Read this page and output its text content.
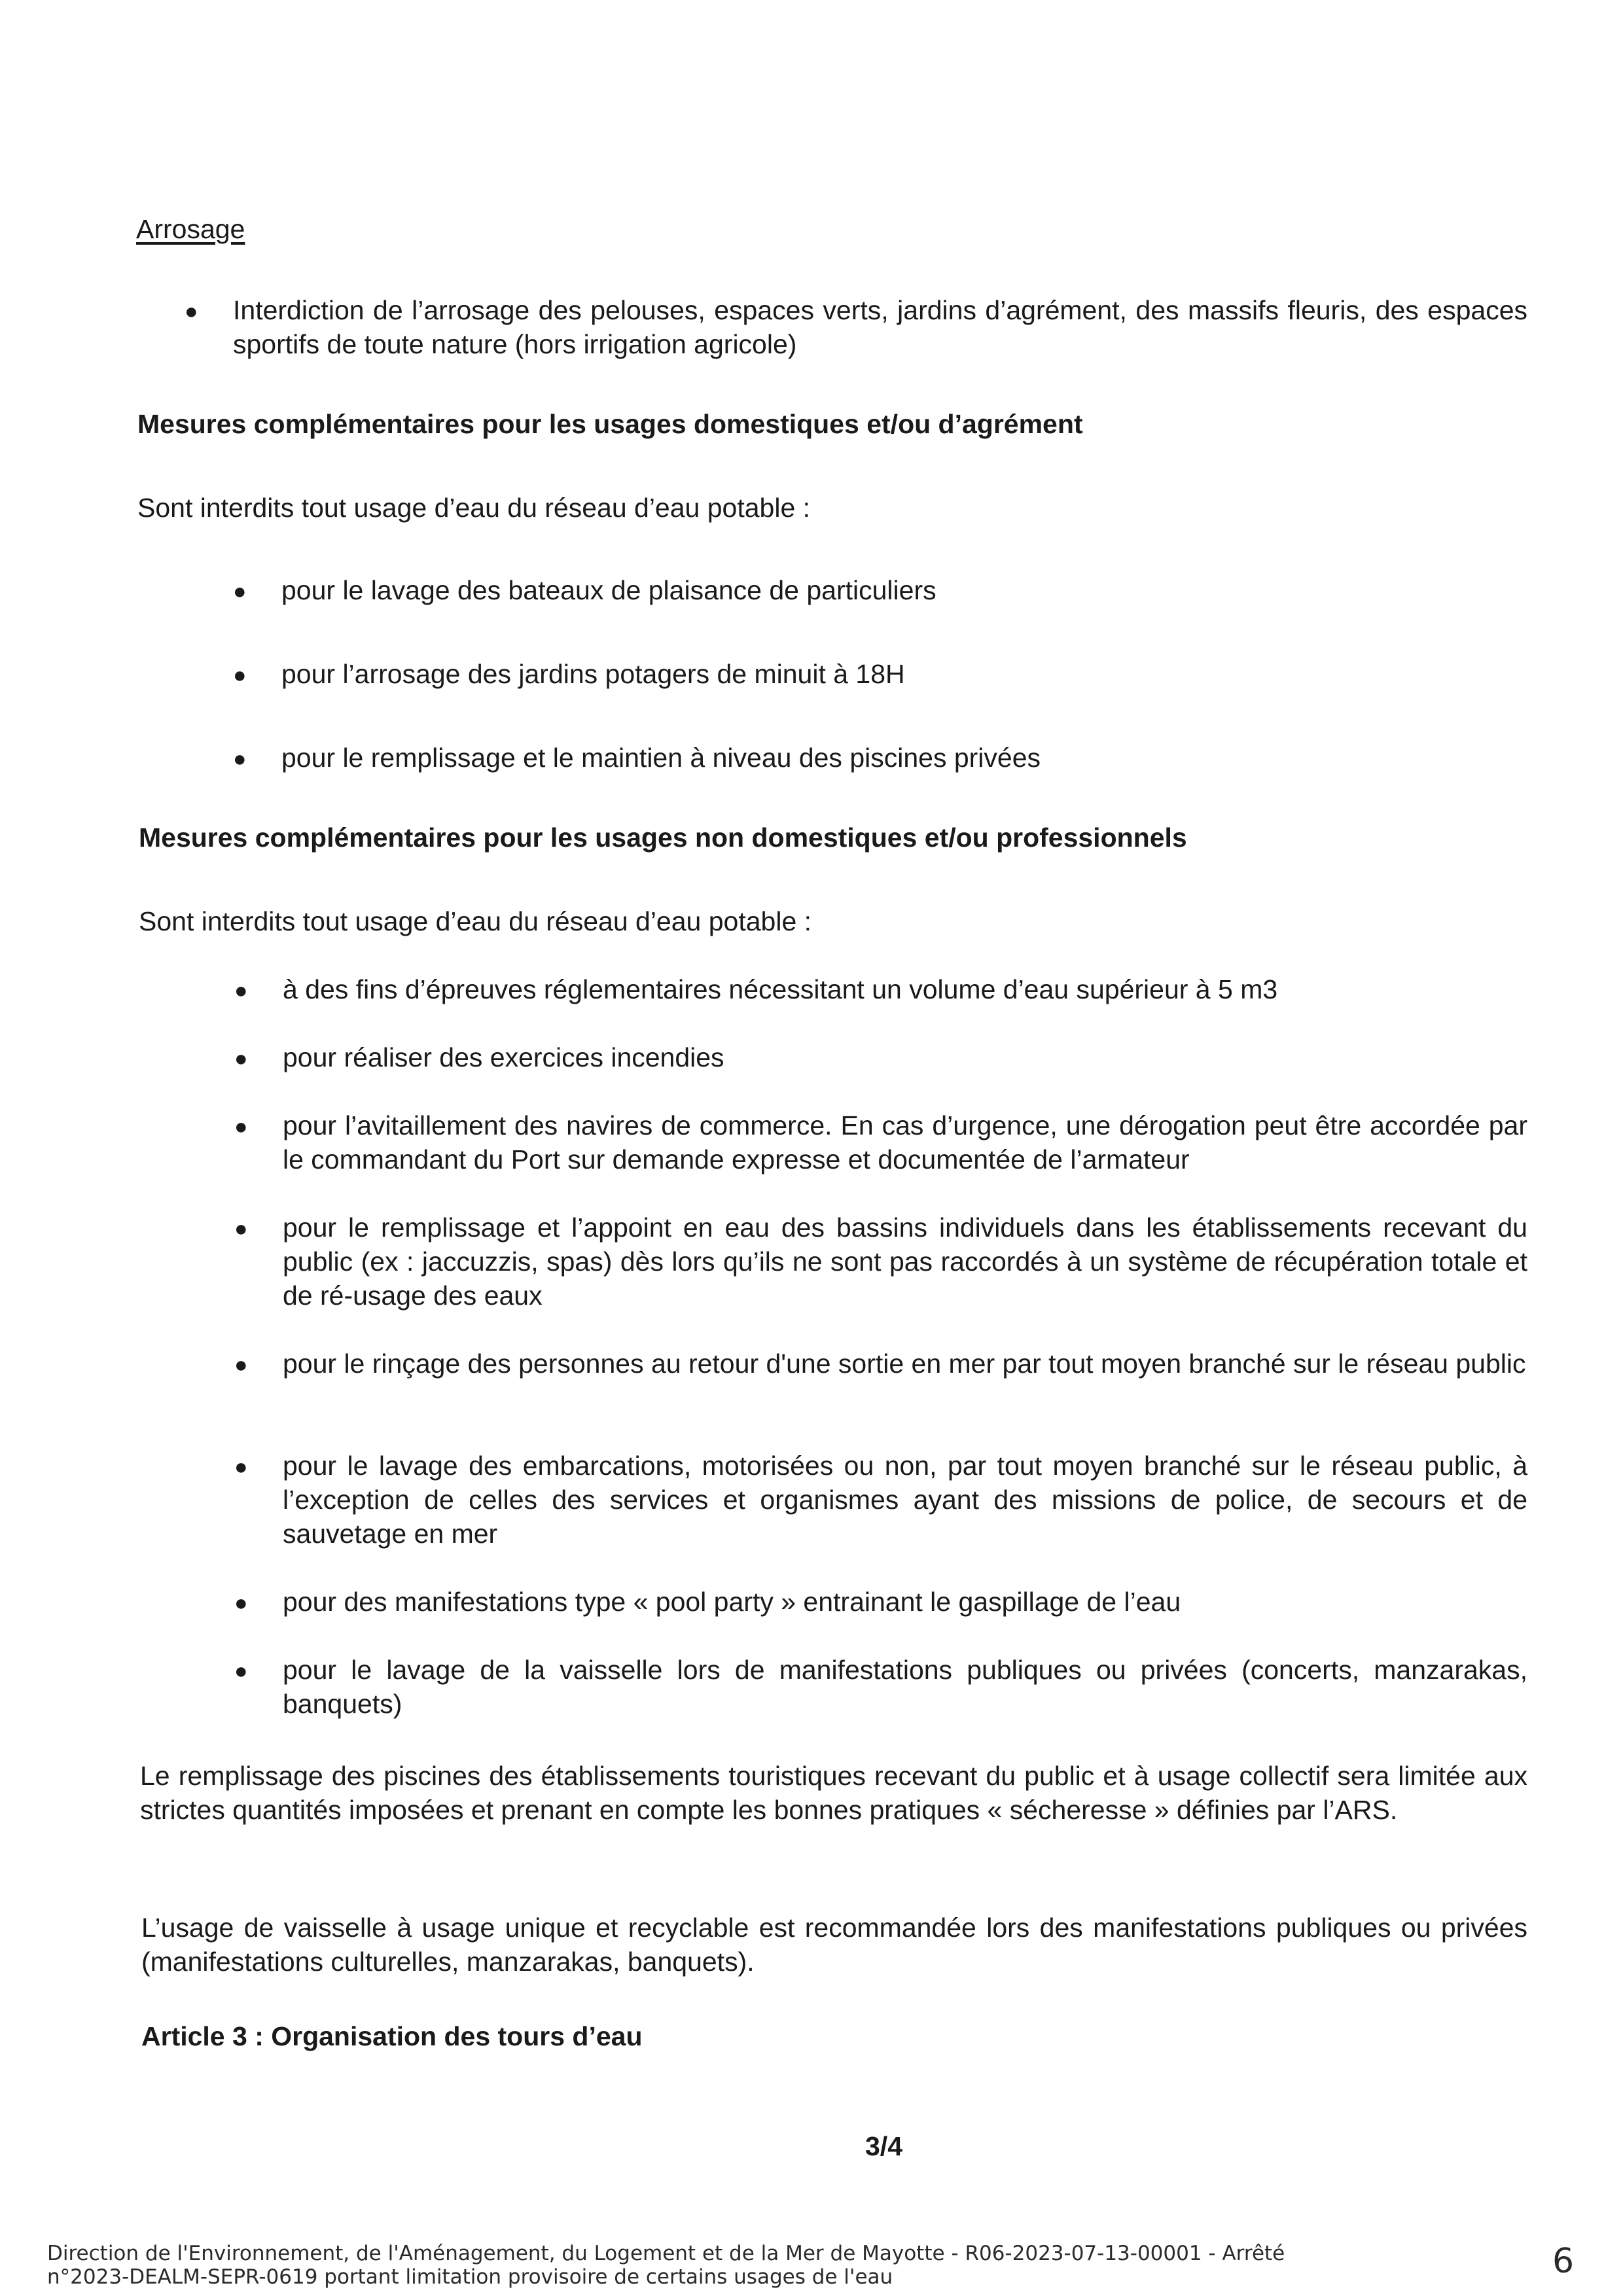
Arrosage
● Interdiction de l’arrosage des pelouses, espaces verts, jardins d’agrément, des massifs fleuris, des espaces sportifs de toute nature (hors irrigation agricole)
Mesures complémentaires pour les usages domestiques et/ou d’agrément
Sont interdits tout usage d’eau du réseau d’eau potable :
● pour le lavage des bateaux de plaisance de particuliers
● pour l’arrosage des jardins potagers de minuit à 18H
● pour le remplissage et le maintien à niveau des piscines privées
Mesures complémentaires pour les usages non domestiques et/ou professionnels
Sont interdits tout usage d’eau du réseau d’eau potable :
● à des fins d’épreuves réglementaires nécessitant un volume d’eau supérieur à 5 m3
● pour réaliser des exercices incendies
● pour l’avitaillement des navires de commerce. En cas d’urgence, une dérogation peut être accordée par le commandant du Port sur demande expresse et documentée de l’armateur
● pour le remplissage et l’appoint en eau des bassins individuels dans les établissements recevant du public (ex : jaccuzzis, spas) dès lors qu’ils ne sont pas raccordés à un système de récupération totale et de ré-usage des eaux
● pour le rinçage des personnes au retour d'une sortie en mer par tout moyen branché sur le réseau public
● pour le lavage des embarcations, motorisées ou non, par tout moyen branché sur le réseau public, à l’exception de celles des services et organismes ayant des missions de police, de secours et de sauvetage en mer
● pour des manifestations type « pool party » entrainant le gaspillage de l’eau
● pour le lavage de la vaisselle lors de manifestations publiques ou privées (concerts, manzarakas, banquets)
Le remplissage des piscines des établissements touristiques recevant du public et à usage collectif sera limitée aux strictes quantités imposées et prenant en compte les bonnes pratiques « sécheresse » définies par l’ARS.
L’usage de vaisselle à usage unique et recyclable est recommandée lors des manifestations publiques ou privées (manifestations culturelles, manzarakas, banquets).
Article 3 : Organisation des tours d’eau
3/4
Direction de l'Environnement, de l'Aménagement, du Logement et de la Mer de Mayotte - R06-2023-07-13-00001 - Arrêté
n°2023-DEALM-SEPR-0619 portant limitation provisoire de certains usages de l'eau	6
